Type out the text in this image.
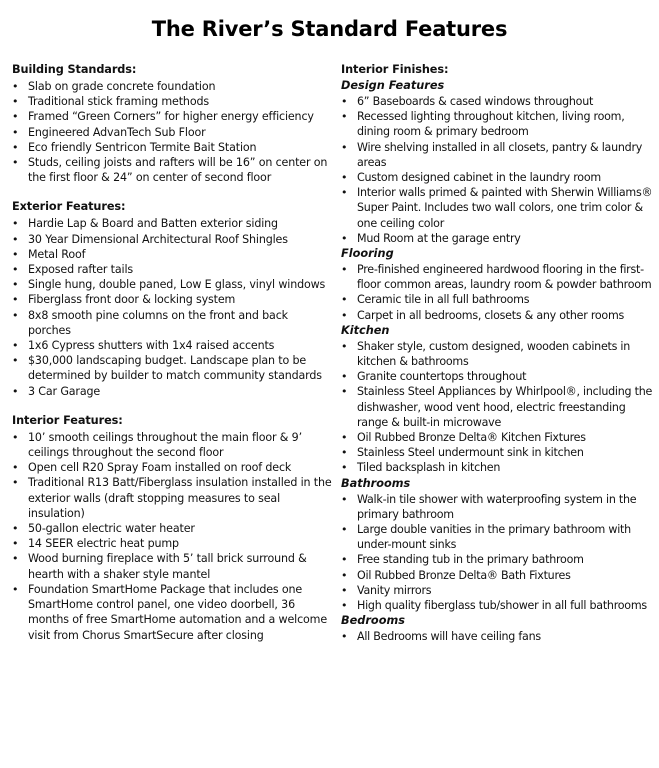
The River’s Standard Features
Building Standards:
• Slab on grade concrete foundation
• Traditional stick framing methods
• Framed “Green Corners” for higher energy efficiency
• Engineered AdvanTech Sub Floor
• Eco friendly Sentricon Termite Bait Station
• Studs, ceiling joists and rafters will be 16” on center on the first floor & 24” on center of second floor
Exterior Features:
• Hardie Lap & Board and Batten exterior siding
• 30 Year Dimensional Architectural Roof Shingles
• Metal Roof
• Exposed rafter tails
• Single hung, double paned, Low E glass, vinyl windows
• Fiberglass front door & locking system
• 8x8 smooth pine columns on the front and back porches
• 1x6 Cypress shutters with 1x4 raised accents
• $30,000 landscaping budget. Landscape plan to be determined by builder to match community standards
• 3 Car Garage
Interior Features:
• 10’ smooth ceilings throughout the main floor & 9’ ceilings throughout the second floor
• Open cell R20 Spray Foam installed on roof deck
• Traditional R13 Batt/Fiberglass insulation installed in the exterior walls (draft stopping measures to seal insulation)
• 50-gallon electric water heater
• 14 SEER electric heat pump
• Wood burning fireplace with 5’ tall brick surround & hearth with a shaker style mantel
• Foundation SmartHome Package that includes one SmartHome control panel, one video doorbell, 36 months of free SmartHome automation and a welcome visit from Chorus SmartSecure after closing
Interior Finishes:
Design Features
• 6” Baseboards & cased windows throughout
• Recessed lighting throughout kitchen, living room, dining room & primary bedroom
• Wire shelving installed in all closets, pantry & laundry areas
• Custom designed cabinet in the laundry room
• Interior walls primed & painted with Sherwin Williams® Super Paint. Includes two wall colors, one trim color & one ceiling color
• Mud Room at the garage entry
Flooring
• Pre-finished engineered hardwood flooring in the first-floor common areas, laundry room & powder bathroom
• Ceramic tile in all full bathrooms
• Carpet in all bedrooms, closets & any other rooms
Kitchen
• Shaker style, custom designed, wooden cabinets in kitchen & bathrooms
• Granite countertops throughout
• Stainless Steel Appliances by Whirlpool®, including the dishwasher, wood vent hood, electric freestanding range & built-in microwave
• Oil Rubbed Bronze Delta® Kitchen Fixtures
• Stainless Steel undermount sink in kitchen
• Tiled backsplash in kitchen
Bathrooms
• Walk-in tile shower with waterproofing system in the primary bathroom
• Large double vanities in the primary bathroom with under-mount sinks
• Free standing tub in the primary bathroom
• Oil Rubbed Bronze Delta® Bath Fixtures
• Vanity mirrors
• High quality fiberglass tub/shower in all full bathrooms
Bedrooms
• All Bedrooms will have ceiling fans
